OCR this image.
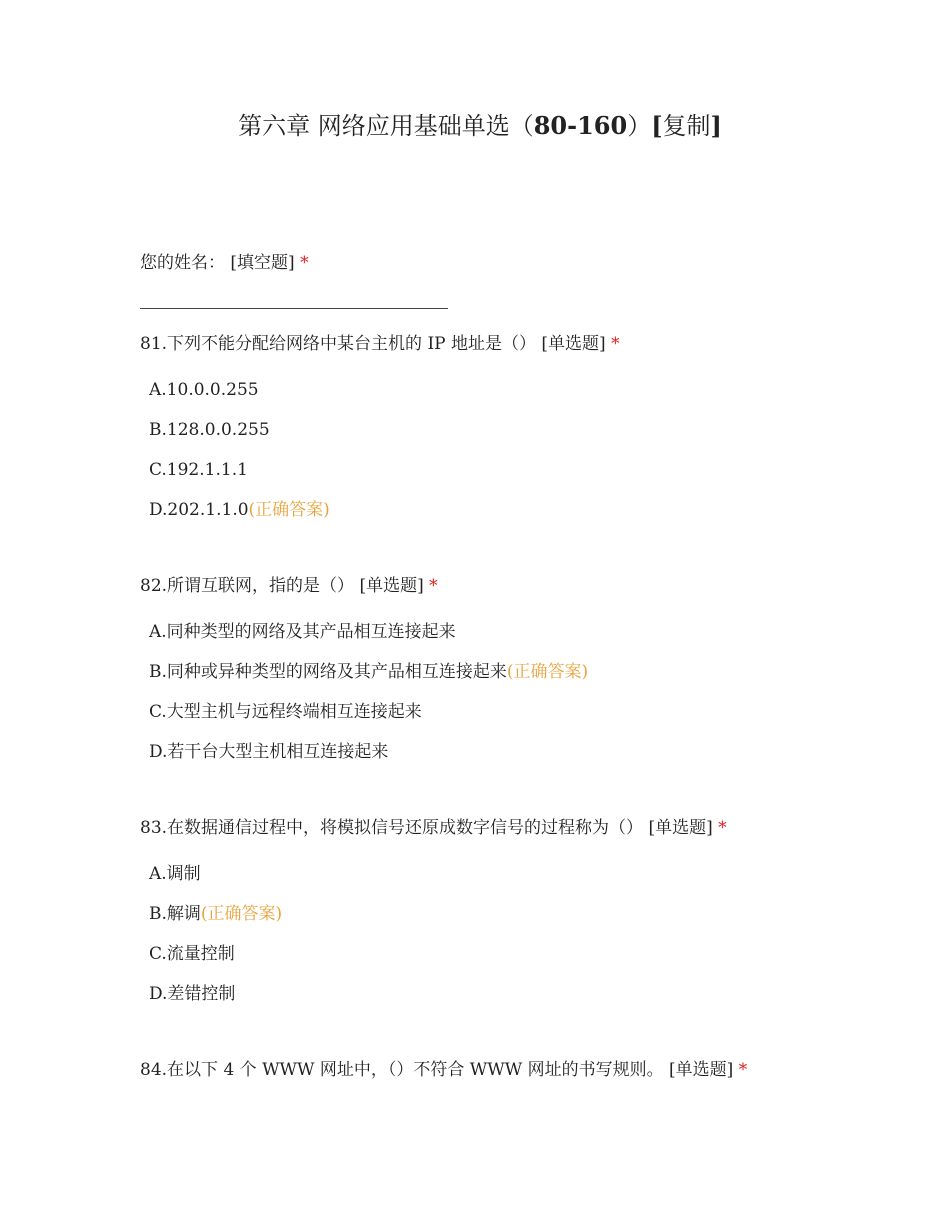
第六章 网络应用基础单选（80-160）[复制]
您的姓名： [填空题] *
81.下列不能分配给网络中某台主机的 IP 地址是（） [单选题] *
A.10.0.0.255
B.128.0.0.255
C.192.1.1.1
D.202.1.1.0(正确答案)
82.所谓互联网，指的是（） [单选题] *
A.同种类型的网络及其产品相互连接起来
B.同种或异种类型的网络及其产品相互连接起来(正确答案)
C.大型主机与远程终端相互连接起来
D.若干台大型主机相互连接起来
83.在数据通信过程中，将模拟信号还原成数字信号的过程称为（） [单选题] *
A.调制
B.解调(正确答案)
C.流量控制
D.差错控制
84.在以下 4 个 WWW 网址中，（）不符合 WWW 网址的书写规则。 [单选题] *
